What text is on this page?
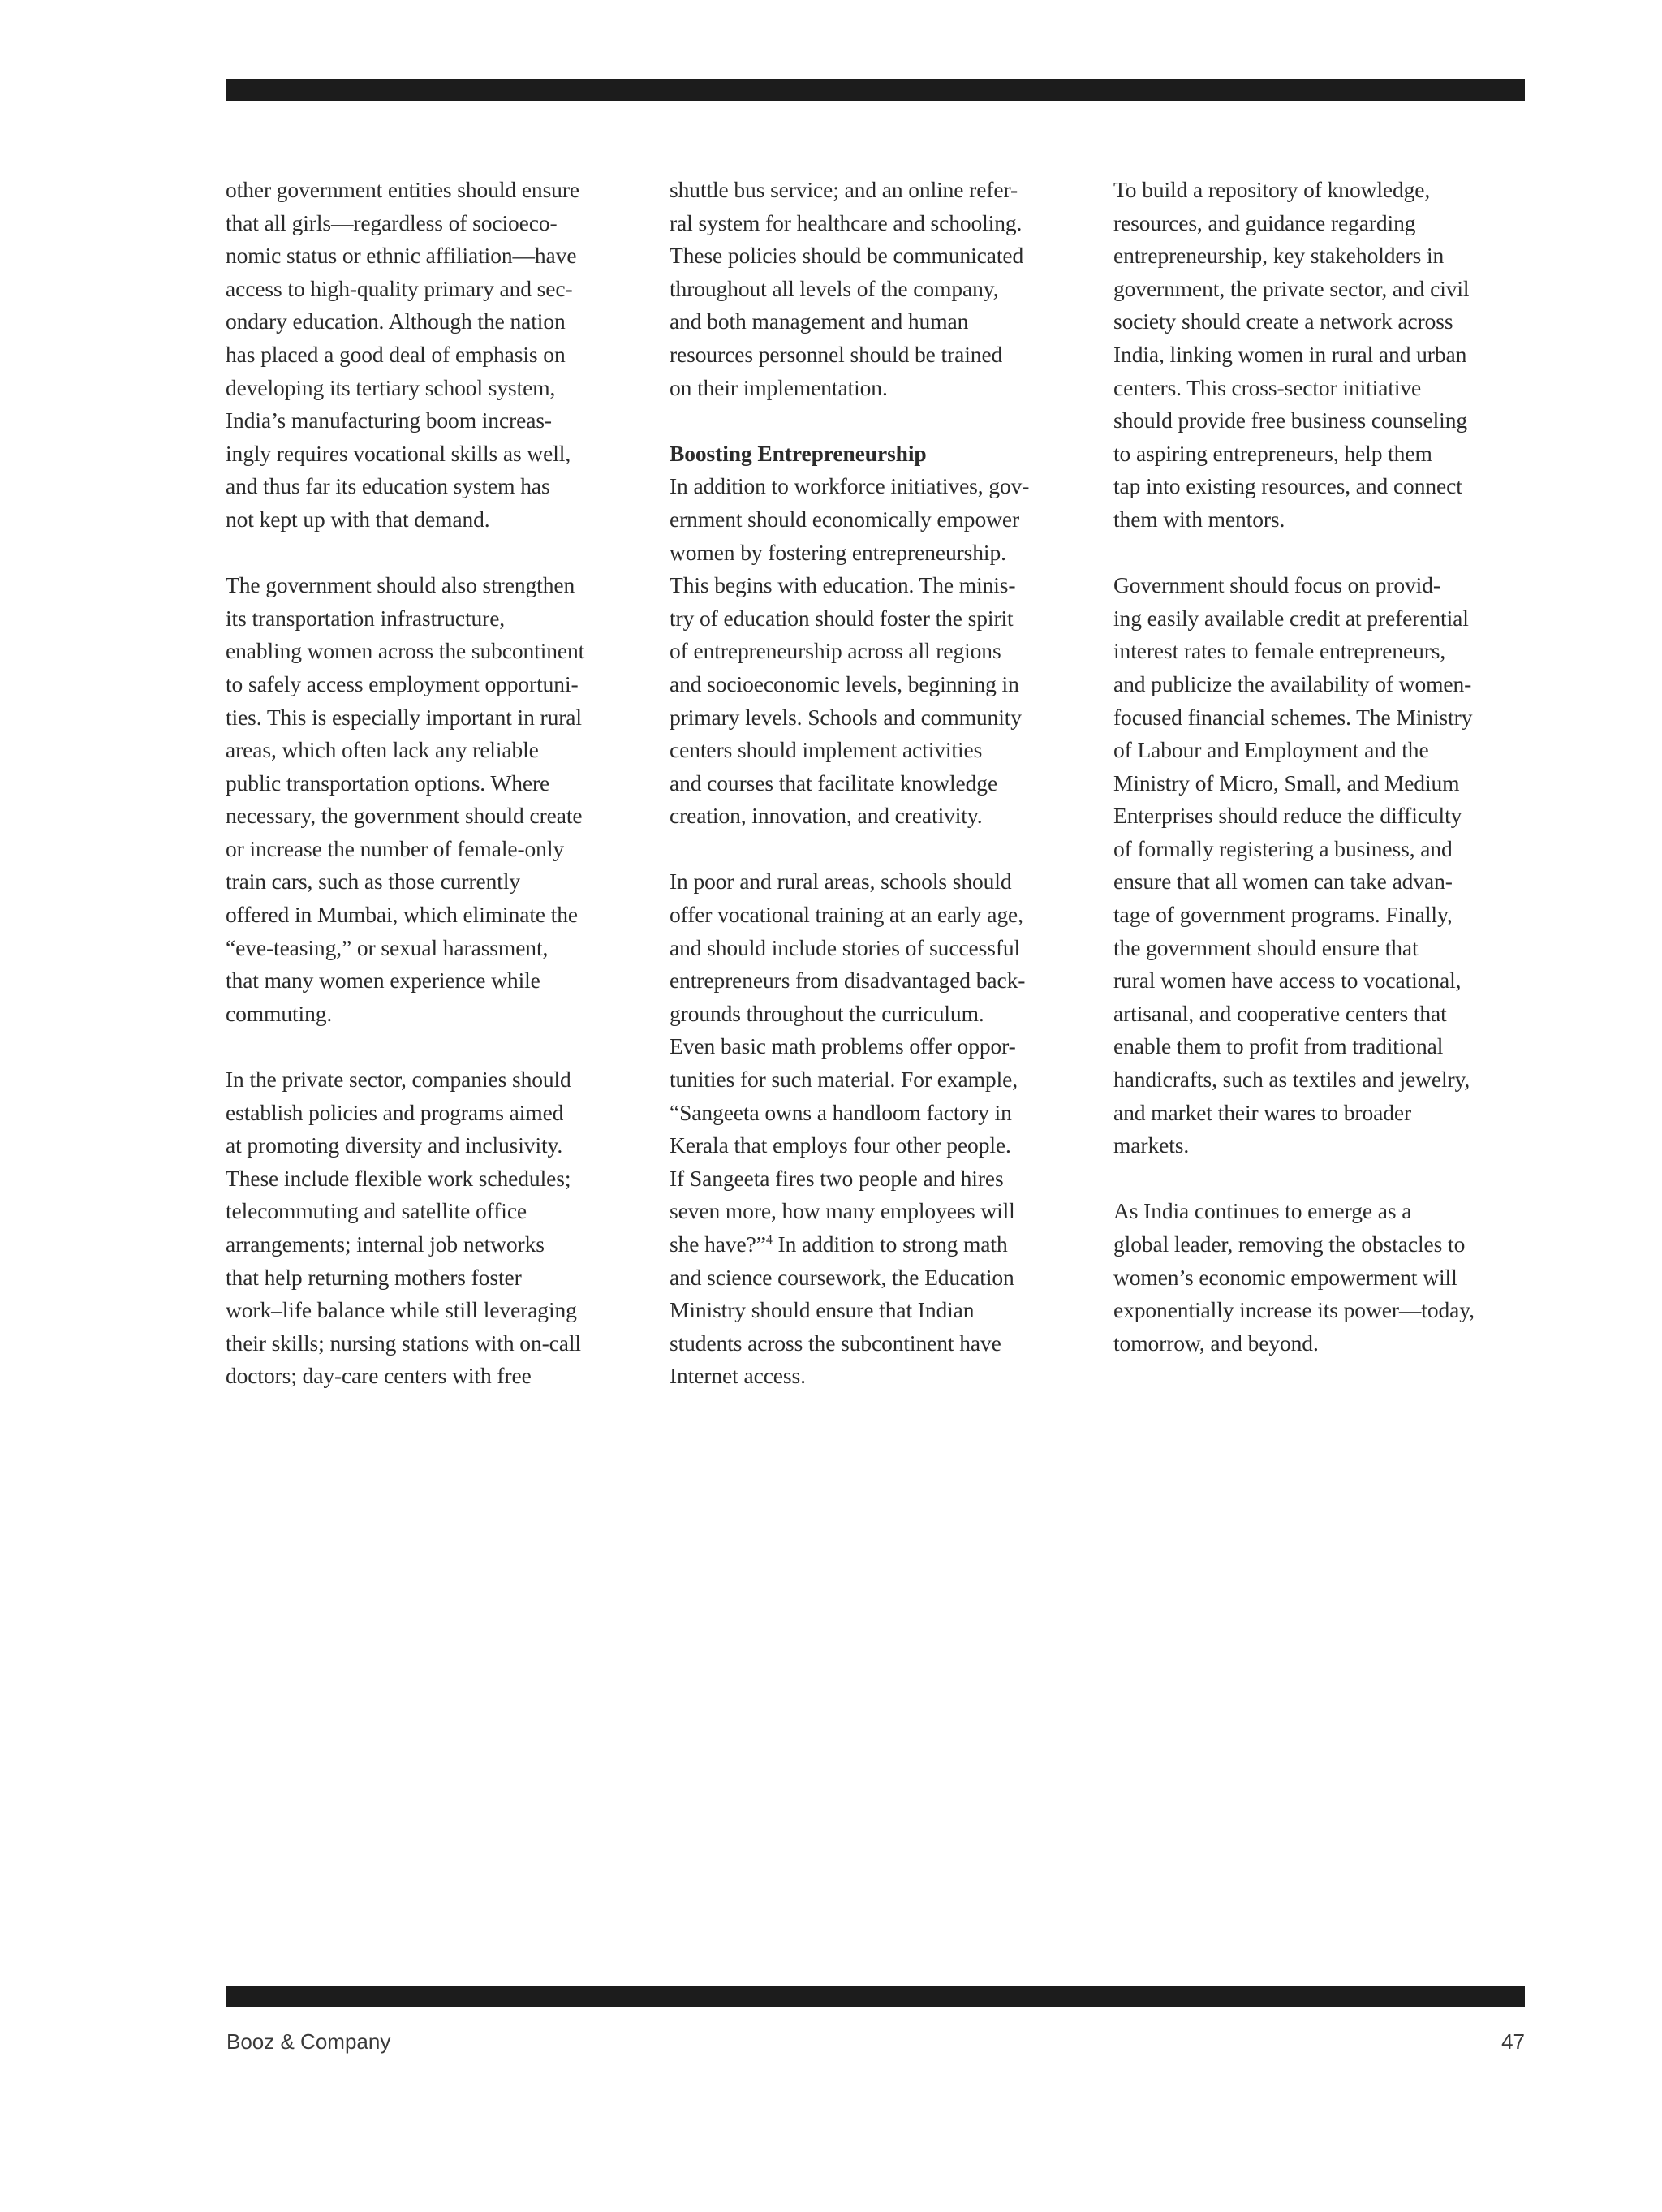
other government entities should ensure
that all girls—regardless of socioeco-
nomic status or ethnic affiliation—have
access to high-quality primary and sec-
ondary education. Although the nation
has placed a good deal of emphasis on
developing its tertiary school system,
India’s manufacturing boom increas-
ingly requires vocational skills as well,
and thus far its education system has
not kept up with that demand.
The government should also strengthen
its transportation infrastructure,
enabling women across the subcontinent
to safely access employment opportuni-
ties. This is especially important in rural
areas, which often lack any reliable
public transportation options. Where
necessary, the government should create
or increase the number of female-only
train cars, such as those currently
offered in Mumbai, which eliminate the
“eve-teasing,” or sexual harassment,
that many women experience while
commuting.
In the private sector, companies should
establish policies and programs aimed
at promoting diversity and inclusivity.
These include flexible work schedules;
telecommuting and satellite office
arrangements; internal job networks
that help returning mothers foster
work–life balance while still leveraging
their skills; nursing stations with on-call
doctors; day-care centers with free
shuttle bus service; and an online refer-
ral system for healthcare and schooling.
These policies should be communicated
throughout all levels of the company,
and both management and human
resources personnel should be trained
on their implementation.
Boosting Entrepreneurship
In addition to workforce initiatives, gov-
ernment should economically empower
women by fostering entrepreneurship.
This begins with education. The minis-
try of education should foster the spirit
of entrepreneurship across all regions
and socioeconomic levels, beginning in
primary levels. Schools and community
centers should implement activities
and courses that facilitate knowledge
creation, innovation, and creativity.
In poor and rural areas, schools should
offer vocational training at an early age,
and should include stories of successful
entrepreneurs from disadvantaged back-
grounds throughout the curriculum.
Even basic math problems offer oppor-
tunities for such material. For example,
“Sangeeta owns a handloom factory in
Kerala that employs four other people.
If Sangeeta fires two people and hires
seven more, how many employees will
she have?”$^4$ In addition to strong math
and science coursework, the Education
Ministry should ensure that Indian
students across the subcontinent have
Internet access.
To build a repository of knowledge,
resources, and guidance regarding
entrepreneurship, key stakeholders in
government, the private sector, and civil
society should create a network across
India, linking women in rural and urban
centers. This cross-sector initiative
should provide free business counseling
to aspiring entrepreneurs, help them
tap into existing resources, and connect
them with mentors.
Government should focus on provid-
ing easily available credit at preferential
interest rates to female entrepreneurs,
and publicize the availability of women-
focused financial schemes. The Ministry
of Labour and Employment and the
Ministry of Micro, Small, and Medium
Enterprises should reduce the difficulty
of formally registering a business, and
ensure that all women can take advan-
tage of government programs. Finally,
the government should ensure that
rural women have access to vocational,
artisanal, and cooperative centers that
enable them to profit from traditional
handicrafts, such as textiles and jewelry,
and market their wares to broader
markets.
As India continues to emerge as a
global leader, removing the obstacles to
women’s economic empowerment will
exponentially increase its power—today,
tomorrow, and beyond.
Booz & Company	47
